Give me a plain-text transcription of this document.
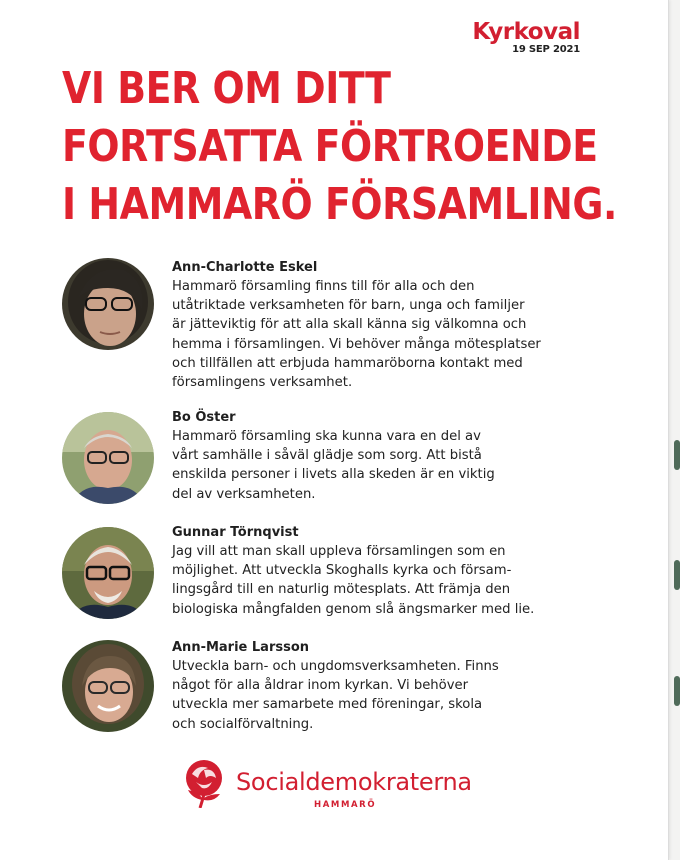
Kyrkoval
19 SEP 2021
VI BER OM DITT
FORTSATTA FÖRTROENDE
I HAMMARÖ FÖRSAMLING.
Ann-Charlotte Eskel
Hammarö församling finns till för alla och den
utåtriktade verksamheten för barn, unga och familjer
är jätteviktig för att alla skall känna sig välkomna och
hemma i församlingen. Vi behöver många mötesplatser
och tillfällen att erbjuda hammaröborna kontakt med
församlingens verksamhet.
Bo Öster
Hammarö församling ska kunna vara en del av
vårt samhälle i såväl glädje som sorg. Att bistå
enskilda personer i livets alla skeden är en viktig
del av verksamheten.
Gunnar Törnqvist
Jag vill att man skall uppleva församlingen som en
möjlighet. Att utveckla Skoghalls kyrka och försam-
lingsgård till en naturlig mötesplats. Att främja den
biologiska mångfalden genom slå ängsmarker med lie.
Ann-Marie Larsson
Utveckla barn- och ungdomsverksamheten. Finns
något för alla åldrar inom kyrkan. Vi behöver
utveckla mer samarbete med föreningar, skola
och socialförvaltning.
Socialdemokraterna
HAMMARÖ
